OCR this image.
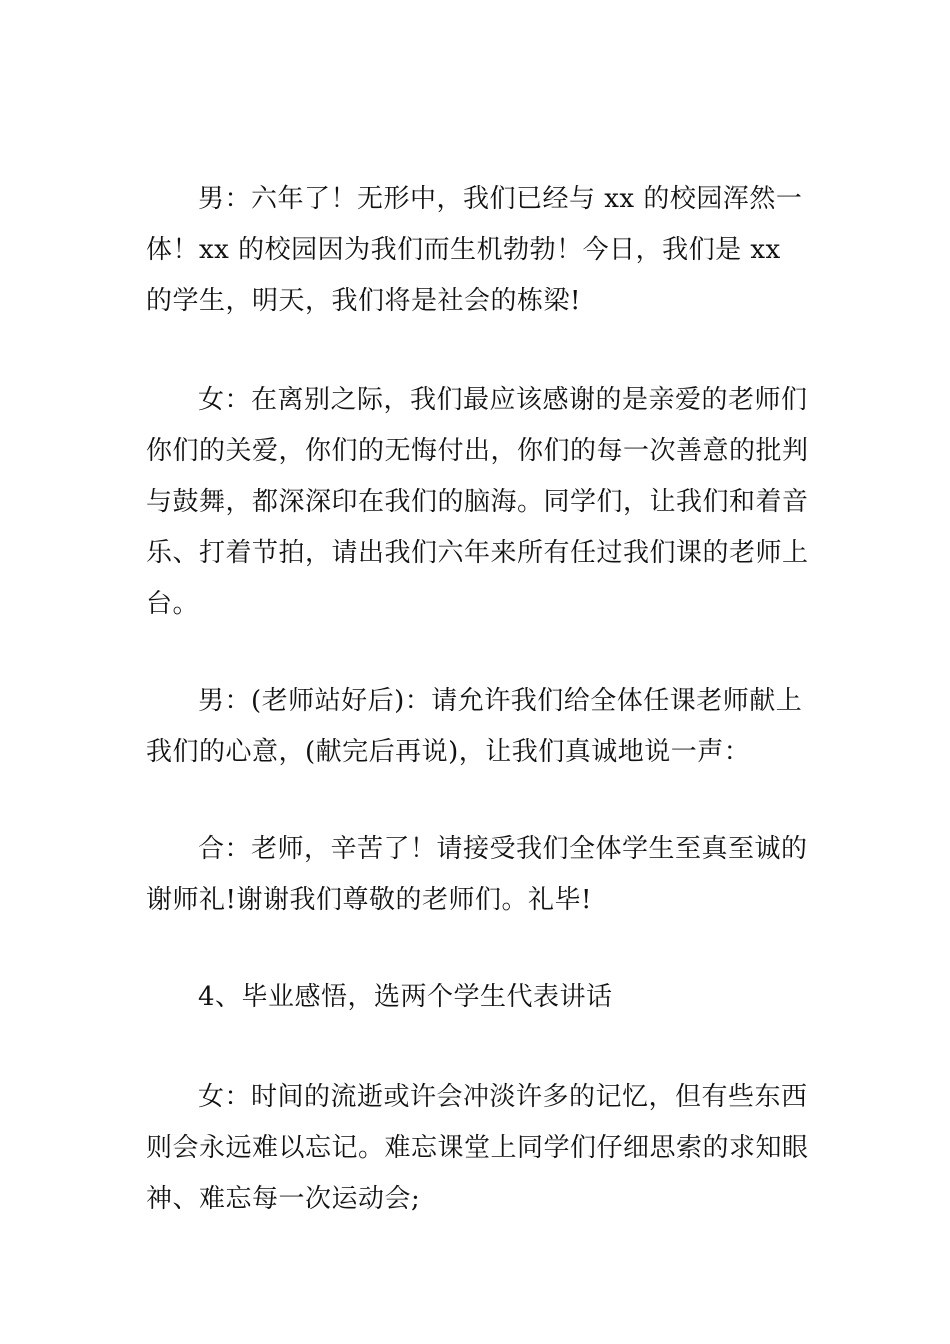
男：六年了！无形中，我们已经与 xx 的校园浑然一体！xx 的校园因为我们而生机勃勃！今日，我们是 xx 的学生，明天，我们将是社会的栋梁!

女：在离别之际，我们最应该感谢的是亲爱的老师们你们的关爱，你们的无悔付出，你们的每一次善意的批判与鼓舞，都深深印在我们的脑海。同学们，让我们和着音乐、打着节拍，请出我们六年来所有任过我们课的老师上台。

男：(老师站好后)：请允许我们给全体任课老师献上我们的心意，(献完后再说)，让我们真诚地说一声：

合：老师，辛苦了！请接受我们全体学生至真至诚的谢师礼!谢谢我们尊敬的老师们。礼毕!

4、毕业感悟，选两个学生代表讲话

女：时间的流逝或许会冲淡许多的记忆，但有些东西则会永远难以忘记。难忘课堂上同学们仔细思索的求知眼神、难忘每一次运动会;
